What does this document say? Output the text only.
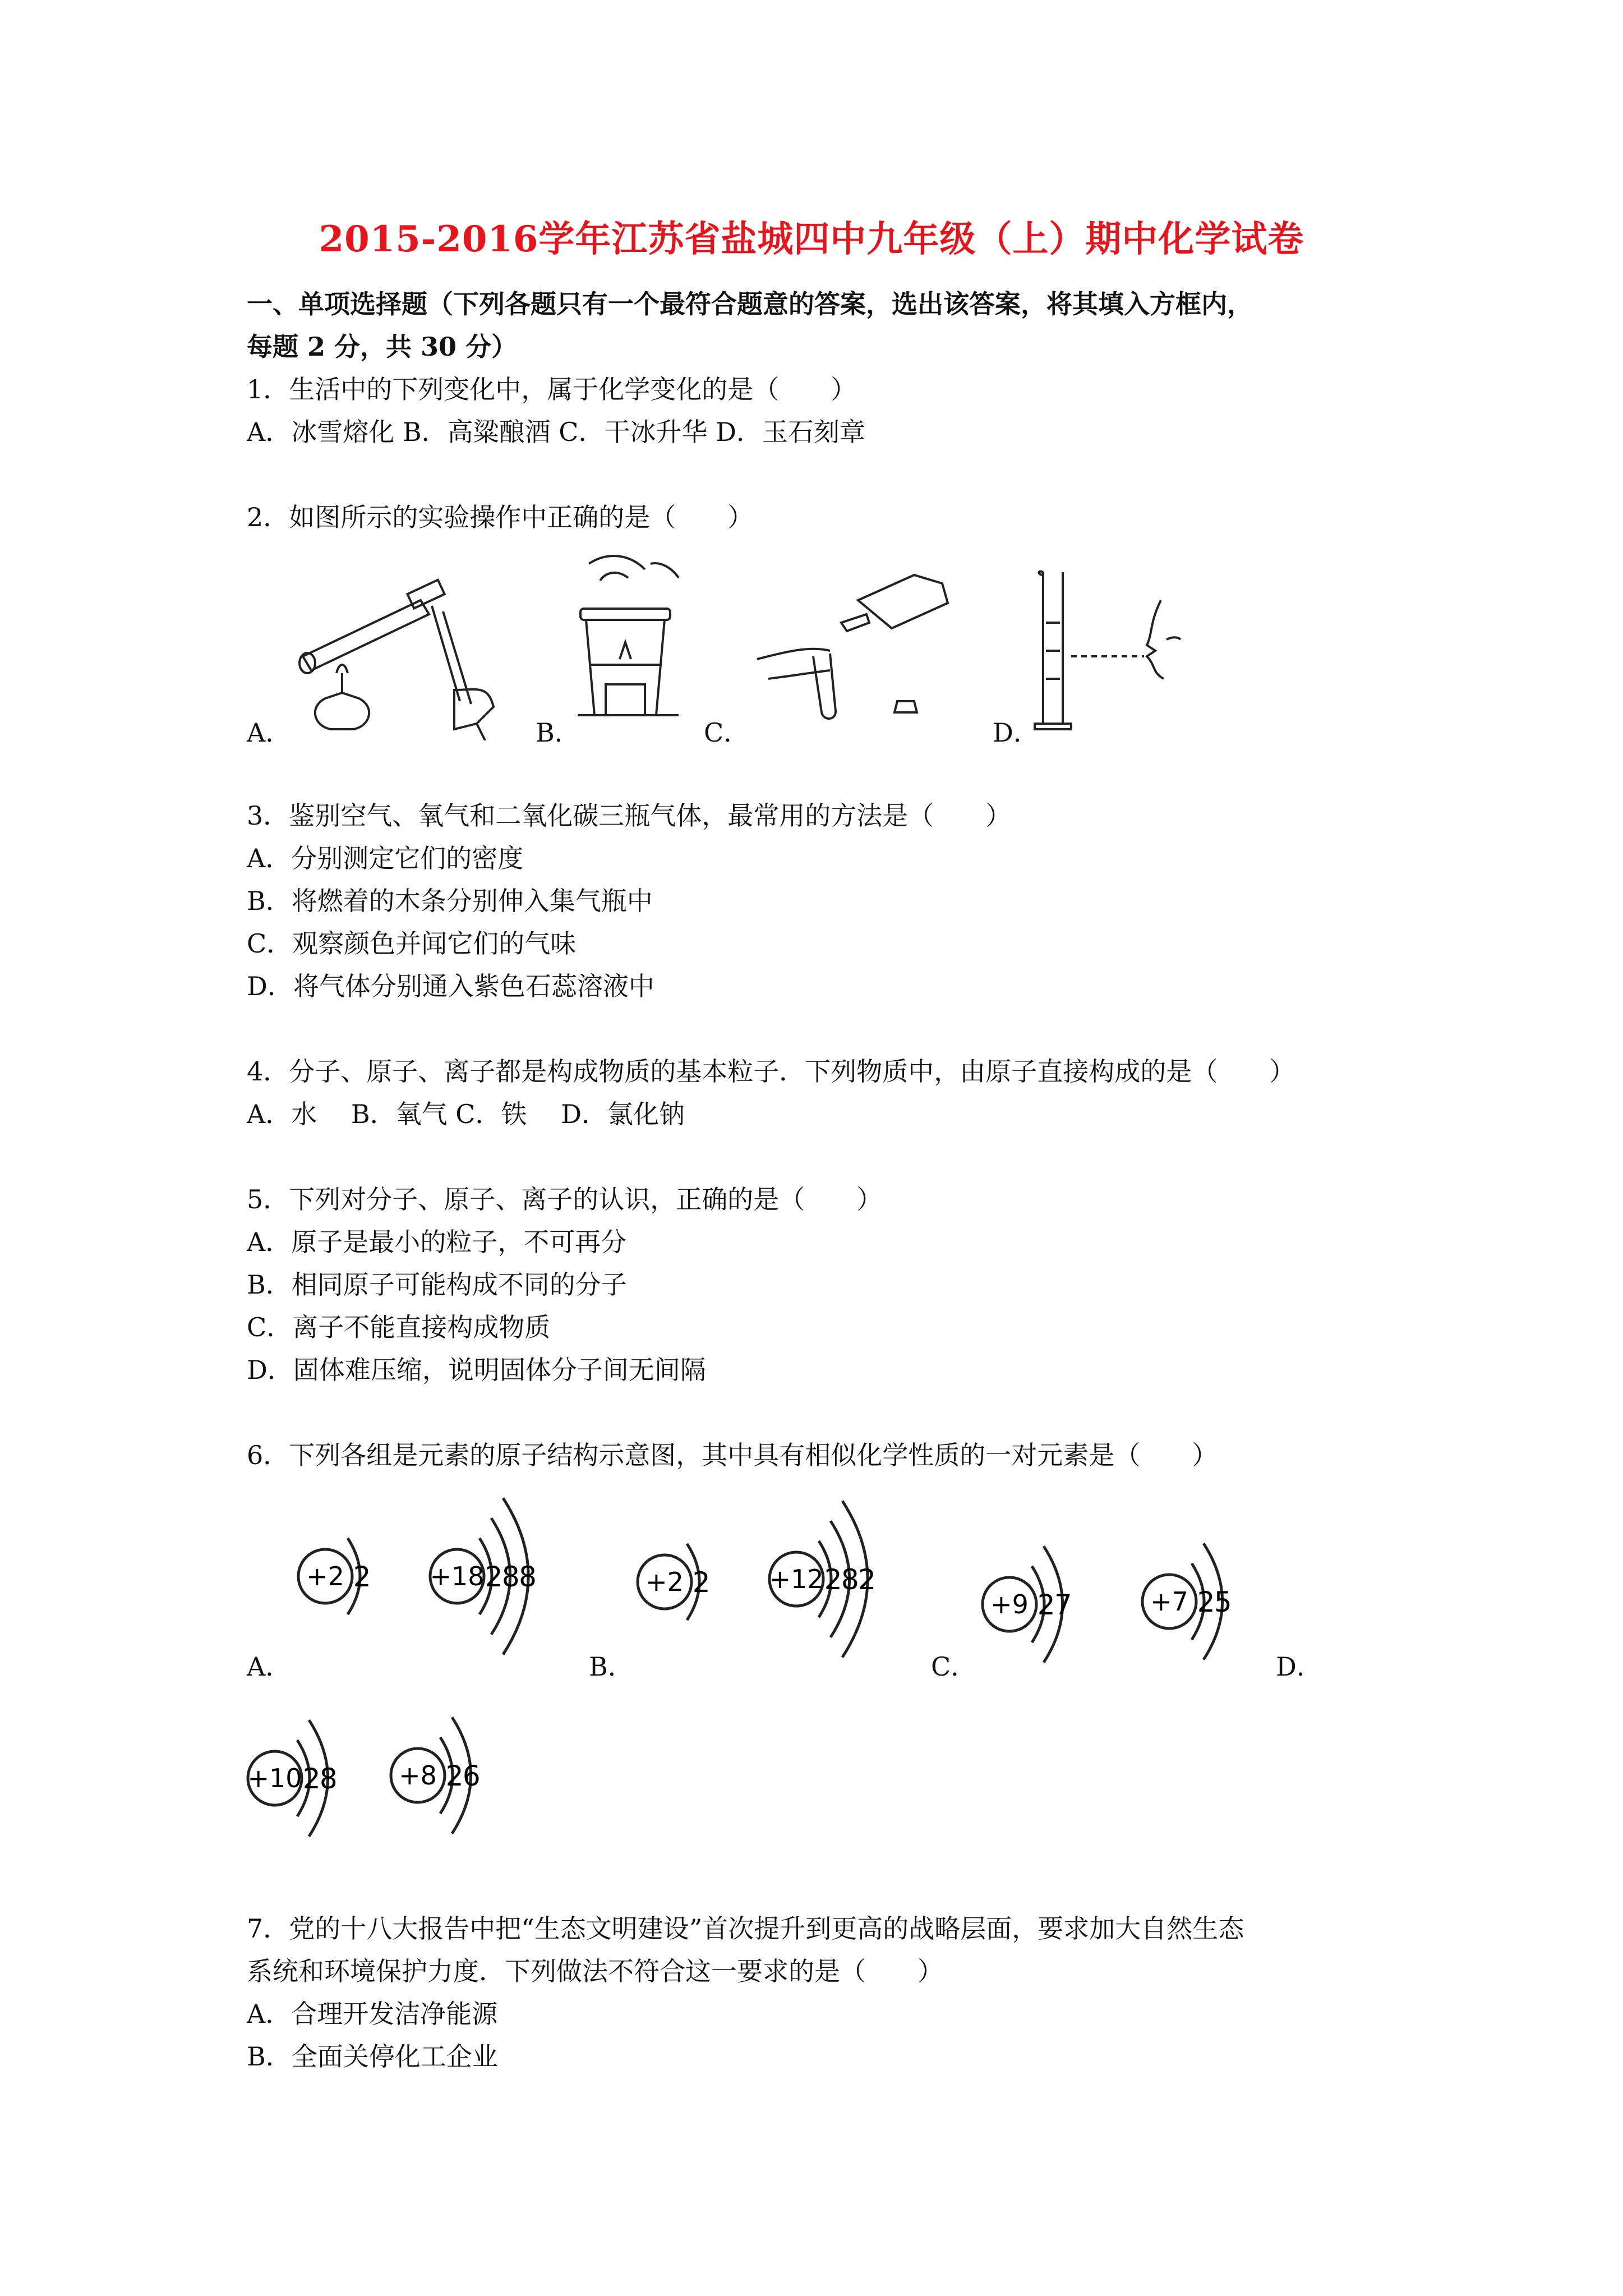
2015-2016学年江苏省盐城四中九年级（上）期中化学试卷
一、单项选择题（下列各题只有一个最符合题意的答案，选出该答案，将其填入方框内，
每题 2 分，共 30 分）
1．生活中的下列变化中，属于化学变化的是（　　）
A．冰雪熔化 B．高粱酿酒 C．干冰升华 D．玉石刻章
2．如图所示的实验操作中正确的是（　　）
A．	B．	C．	D．
3．鉴别空气、氧气和二氧化碳三瓶气体，最常用的方法是（　　）
A．分别测定它们的密度
B．将燃着的木条分别伸入集气瓶中
C．观察颜色并闻它们的气味
D．将气体分别通入紫色石蕊溶液中
4．分子、原子、离子都是构成物质的基本粒子．下列物质中，由原子直接构成的是（　　）
A．水　 B．氧气 C．铁　 D．氯化钠
5．下列对分子、原子、离子的认识，正确的是（　　）
A．原子是最小的粒子，不可再分
B．相同原子可能构成不同的分子
C．离子不能直接构成物质
D．固体难压缩，说明固体分子间无间隔
6．下列各组是元素的原子结构示意图，其中具有相似化学性质的一对元素是（　　）
+2 2 +18 2
8
8	+2 2 +12 2
8
2
+9 2
7	+7 2
5
+10 2
8 +8 2
6
A．	B．	C．	D．
7．党的十八大报告中把“生态文明建设”首次提升到更高的战略层面，要求加大自然生态
系统和环境保护力度．下列做法不符合这一要求的是（　　）
A．合理开发洁净能源
B．全面关停化工企业
